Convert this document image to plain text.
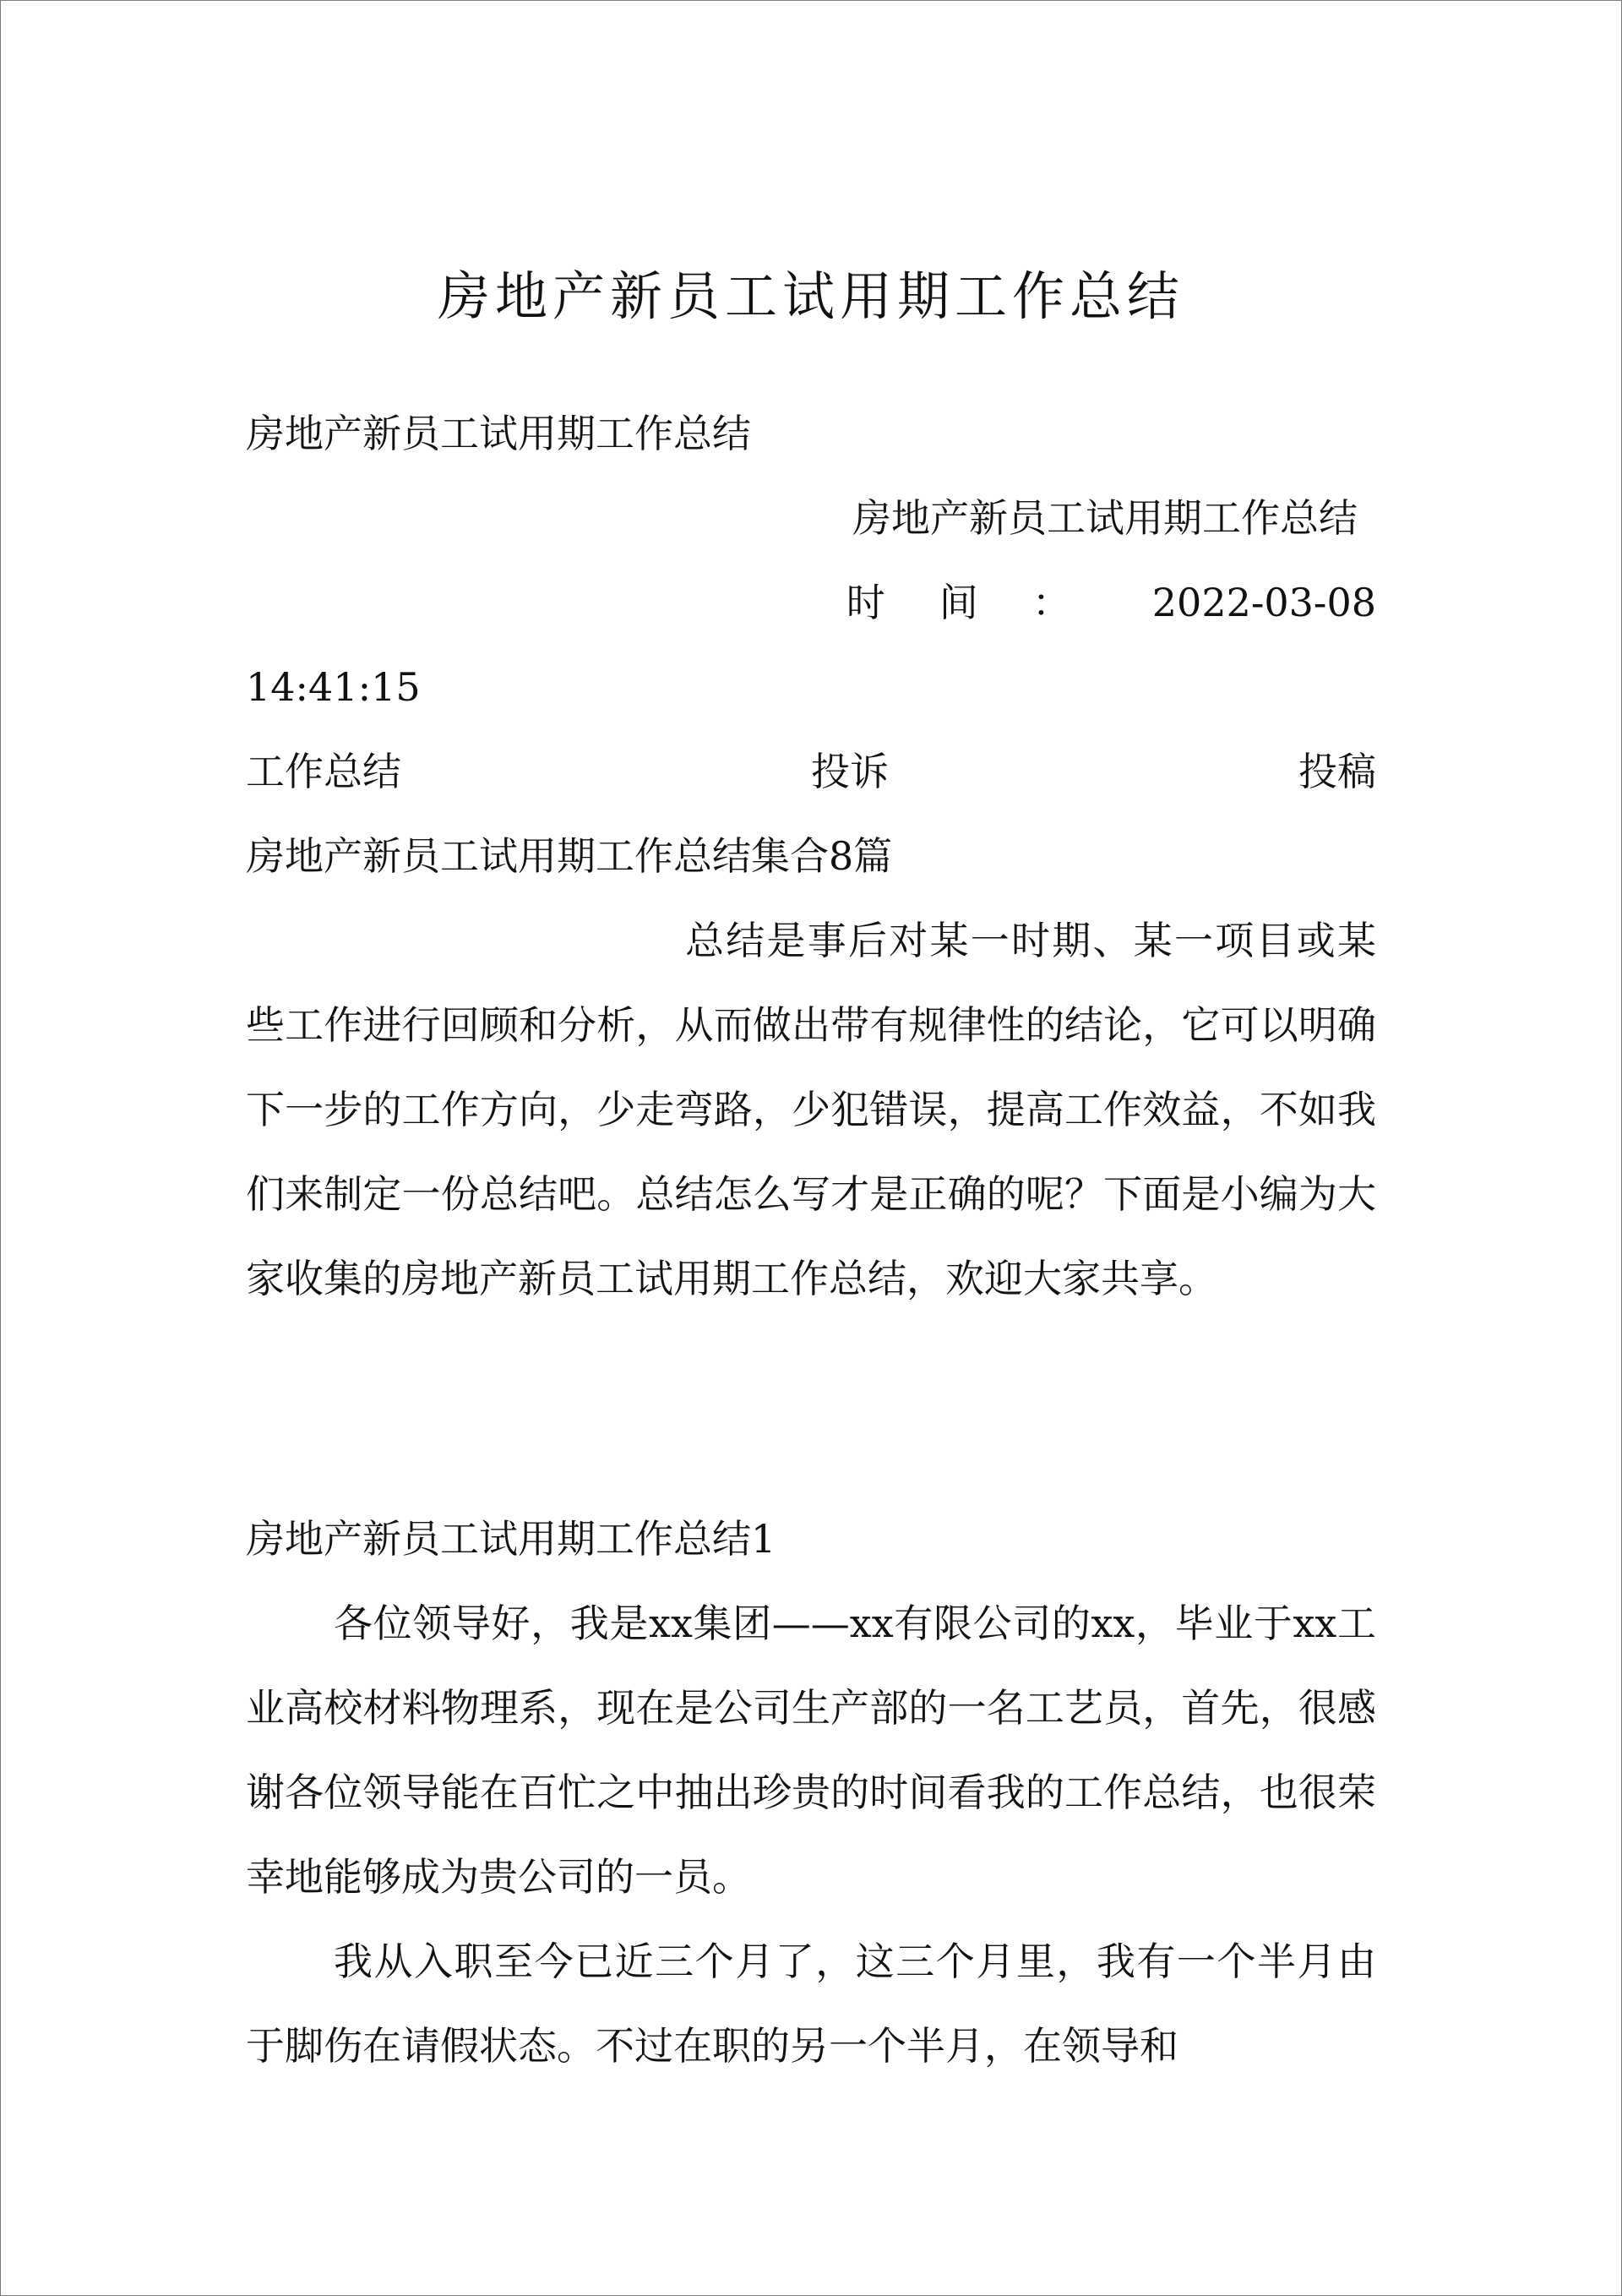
房地产新员工试用期工作总结
房地产新员工试用期工作总结
房地产新员工试用期工作总结
时 间 ： 2022-03-08
14:41:15
工作总结	投诉	投稿
房地产新员工试用期工作总结集合8篇
总结是事后对某一时期、某一项目或某些工作进行回顾和分析，从而做出带有规律性的结论，它可以明确下一步的工作方向，少走弯路，少犯错误，提高工作效益，不如我们来制定一份总结吧。总结怎么写才是正确的呢？下面是小编为大家收集的房地产新员工试用期工作总结，欢迎大家共享。
房地产新员工试用期工作总结1
各位领导好，我是xx集团——xx有限公司的xx，毕业于xx工业高校材料物理系，现在是公司生产部的一名工艺员，首先，很感谢各位领导能在百忙之中抽出珍贵的时间看我的工作总结，也很荣幸地能够成为贵公司的一员。
我从入职至今已近三个月了，这三个月里，我有一个半月由于脚伤在请假状态。不过在职的另一个半月，在领导和
